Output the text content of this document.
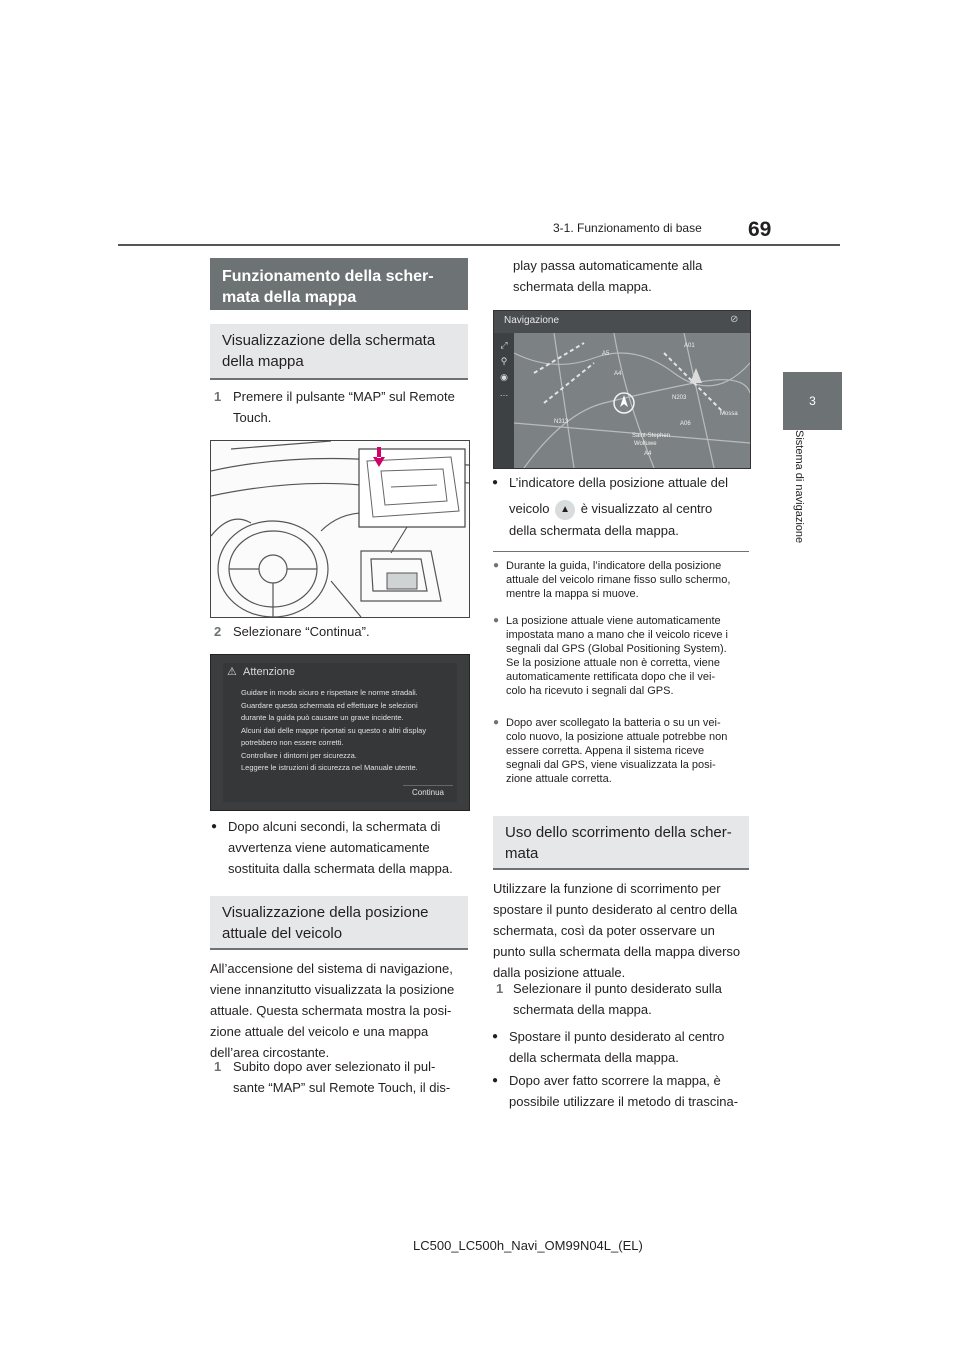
3-1. Funzionamento di base 69
3
Sistema di navigazione
Funzionamento della scher-
mata della mappa
Visualizzazione della schermata
della mappa
1 Premere il pulsante “MAP” sul Remote Touch.
2 Selezionare “Continua”.
⚠ Attenzione
Guidare in modo sicuro e rispettare le norme stradali.
Guardare questa schermata ed effettuare le selezioni
durante la guida può causare un grave incidente.
Alcuni dati delle mappe riportati su questo o altri display
potrebbero non essere corretti.
Controllare i dintorni per sicurezza.
Leggere le istruzioni di sicurezza nel Manuale utente.
Continua
● Dopo alcuni secondi, la schermata di avvertenza viene automaticamente sostituita dalla schermata della mappa.
Visualizzazione della posizione
attuale del veicolo
All’accensione del sistema di navigazione,
viene innanzitutto visualizzata la posizione
attuale. Questa schermata mostra la posi-
zione attuale del veicolo e una mappa
dell’area circostante.
1 Subito dopo aver selezionato il pul-
sante “MAP” sul Remote Touch, il dis-
play passa automaticamente alla
schermata della mappa.
Navigazione	⊘
⤢
⚲
◉
…
A5
A01
N203
A4
N313
Mossa
A06
Saint-Stephen
Wolluwe
A4
● L’indicatore della posizione attuale del
veicolo ▲ è visualizzato al centro
della schermata della mappa.
● Durante la guida, l’indicatore della posizione
attuale del veicolo rimane fisso sullo schermo,
mentre la mappa si muove.
● La posizione attuale viene automaticamente
impostata mano a mano che il veicolo riceve i
segnali dal GPS (Global Positioning System).
Se la posizione attuale non è corretta, viene
automaticamente rettificata dopo che il vei-
colo ha ricevuto i segnali dal GPS.
● Dopo aver scollegato la batteria o su un vei-
colo nuovo, la posizione attuale potrebbe non
essere corretta. Appena il sistema riceve
segnali dal GPS, viene visualizzata la posi-
zione attuale corretta.
Uso dello scorrimento della scher-
mata
Utilizzare la funzione di scorrimento per
spostare il punto desiderato al centro della
schermata, così da poter osservare un
punto sulla schermata della mappa diverso
dalla posizione attuale.
1 Selezionare il punto desiderato sulla
schermata della mappa.
● Spostare il punto desiderato al centro
della schermata della mappa.
● Dopo aver fatto scorrere la mappa, è
possibile utilizzare il metodo di trascina-
LC500_LC500h_Navi_OM99N04L_(EL)
